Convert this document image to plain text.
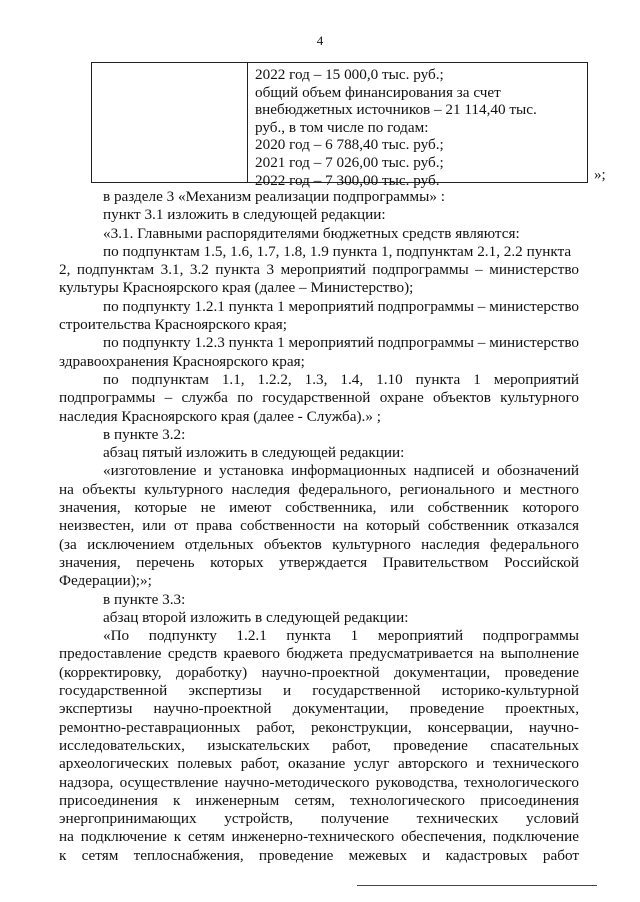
4
2022 год – 15 000,0 тыс. руб.;
общий объем финансирования за счет
внебюджетных источников – 21 114,40 тыс.
руб., в том числе по годам:
2020 год – 6 788,40 тыс. руб.;
2021 год – 7 026,00 тыс. руб.;
2022 год – 7 300,00 тыс. руб.	»;
в разделе 3 «Механизм реализации подпрограммы» :
пункт 3.1 изложить в следующей редакции:
«3.1. Главными распорядителями бюджетных средств являются:
по подпунктам 1.5, 1.6, 1.7, 1.8, 1.9 пункта 1, подпунктам 2.1, 2.2 пункта
2, подпунктам 3.1, 3.2 пункта 3 мероприятий подпрограммы – министерство
культуры Красноярского края (далее – Министерство);
по подпункту 1.2.1 пункта 1 мероприятий подпрограммы – министерство
строительства Красноярского края;
по подпункту 1.2.3 пункта 1 мероприятий подпрограммы – министерство
здравоохранения Красноярского края;
по подпунктам 1.1, 1.2.2, 1.3, 1.4, 1.10 пункта 1 мероприятий
подпрограммы – служба по государственной охране объектов культурного
наследия Красноярского края (далее - Служба).» ;
в пункте 3.2:
абзац пятый изложить в следующей редакции:
«изготовление и установка информационных надписей и обозначений
на объекты культурного наследия федерального, регионального и местного
значения, которые не имеют собственника, или собственник которого
неизвестен, или от права собственности на который собственник отказался
(за исключением отдельных объектов культурного наследия федерального
значения, перечень которых утверждается Правительством Российской
Федерации);»;
в пункте 3.3:
абзац второй изложить в следующей редакции:
«По подпункту 1.2.1 пункта 1 мероприятий подпрограммы
предоставление средств краевого бюджета предусматривается на выполнение
(корректировку, доработку) научно-проектной документации, проведение
государственной экспертизы и государственной историко-культурной
экспертизы научно-проектной документации, проведение проектных,
ремонтно-реставрационных работ, реконструкции, консервации, научно-
исследовательских, изыскательских работ, проведение спасательных
археологических полевых работ, оказание услуг авторского и технического
надзора, осуществление научно-методического руководства, технологического
присоединения к инженерным сетям, технологического присоединения
энергопринимающих устройств, получение технических условий
на подключение к сетям инженерно-технического обеспечения, подключение
к сетям теплоснабжения, проведение межевых и кадастровых работ
